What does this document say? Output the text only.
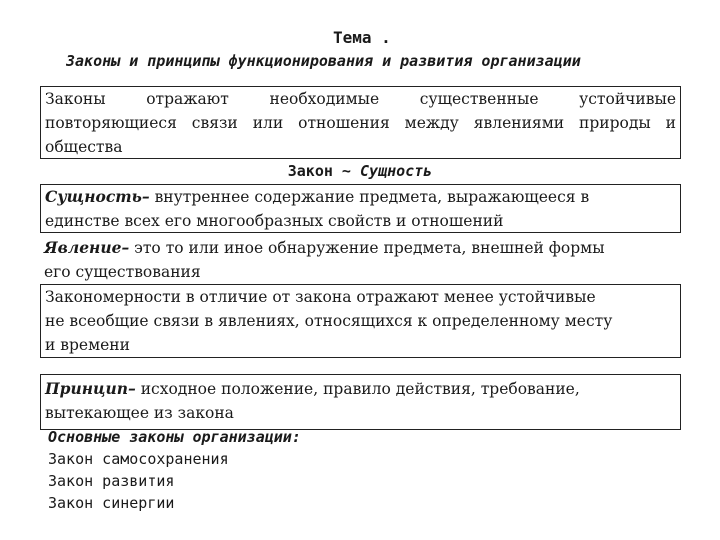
Тема .
Законы и принципы функционирования и развития организации
Законы отражают необходимые существенные устойчивые
повторяющиеся связи или отношения между явлениями природы и
общества
Закон ~ Сущность
Сущность– внутреннее содержание предмета, выражающееся в
единстве всех его многообразных свойств и отношений
Явление– это то или иное обнаружение предмета, внешней формы
его существования
Закономерности в отличие от закона отражают менее устойчивые
не всеобщие связи в явлениях, относящихся к определенному месту
и времени
Принцип– исходное положение, правило действия, требование,
вытекающее из закона
Основные законы организации:
Закон самосохранения
Закон развития
Закон синергии
